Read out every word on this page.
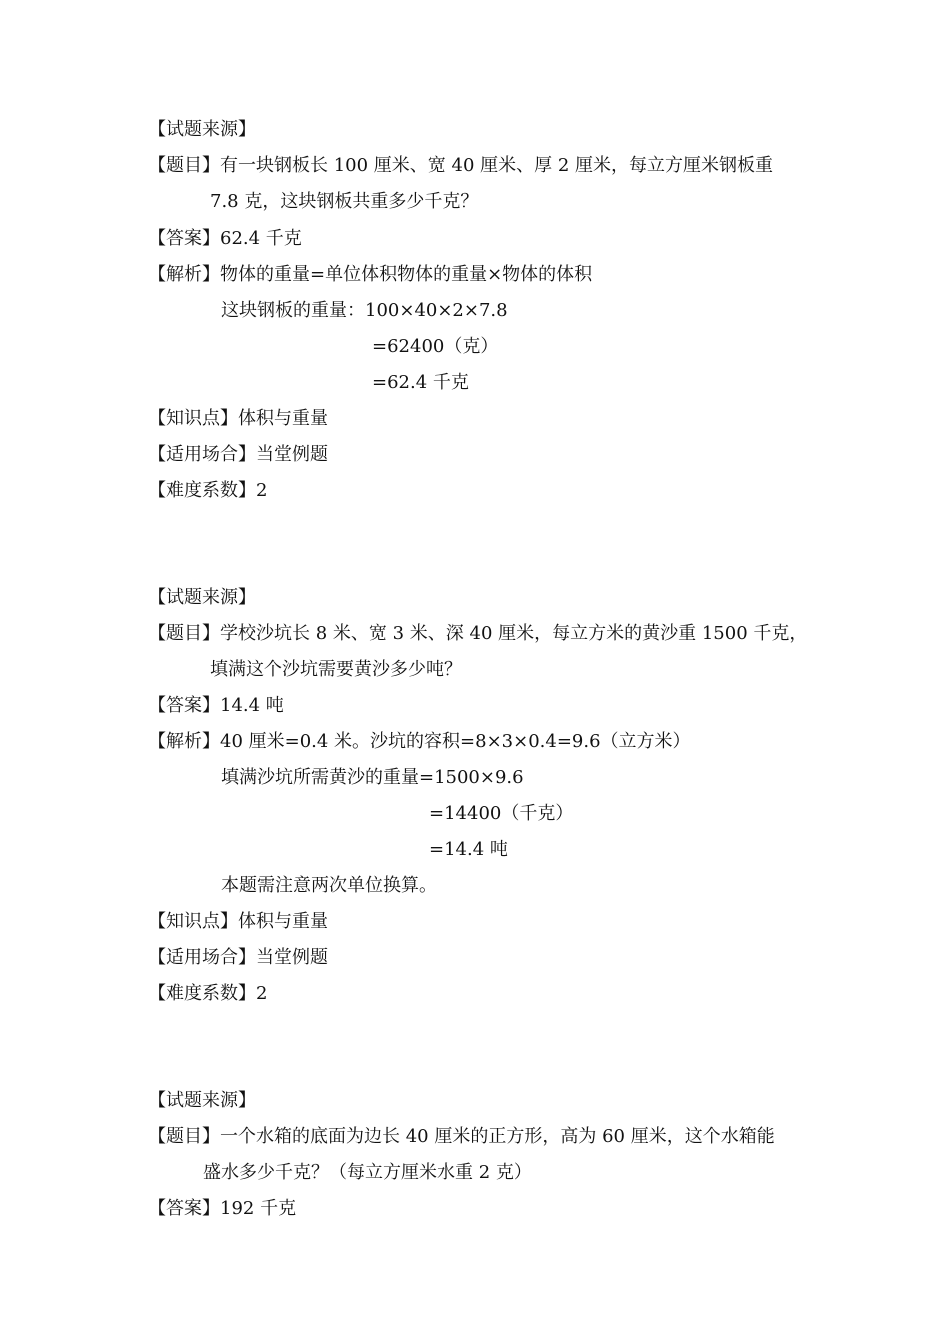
【试题来源】
【题目】有一块钢板长 100 厘米、宽 40 厘米、厚 2 厘米，每立方厘米钢板重
7.8 克，这块钢板共重多少千克？
【答案】62.4 千克
【解析】物体的重量=单位体积物体的重量×物体的体积
这块钢板的重量：100×40×2×7.8
=62400（克）
=62.4 千克
【知识点】体积与重量
【适用场合】当堂例题
【难度系数】2
【试题来源】
【题目】学校沙坑长 8 米、宽 3 米、深 40 厘米，每立方米的黄沙重 1500 千克，
填满这个沙坑需要黄沙多少吨？
【答案】14.4 吨
【解析】40 厘米=0.4 米。沙坑的容积=8×3×0.4=9.6（立方米）
填满沙坑所需黄沙的重量=1500×9.6
=14400（千克）
=14.4 吨
本题需注意两次单位换算。
【知识点】体积与重量
【适用场合】当堂例题
【难度系数】2
【试题来源】
【题目】一个水箱的底面为边长 40 厘米的正方形，高为 60 厘米，这个水箱能
盛水多少千克？（每立方厘米水重 2 克）
【答案】192 千克
